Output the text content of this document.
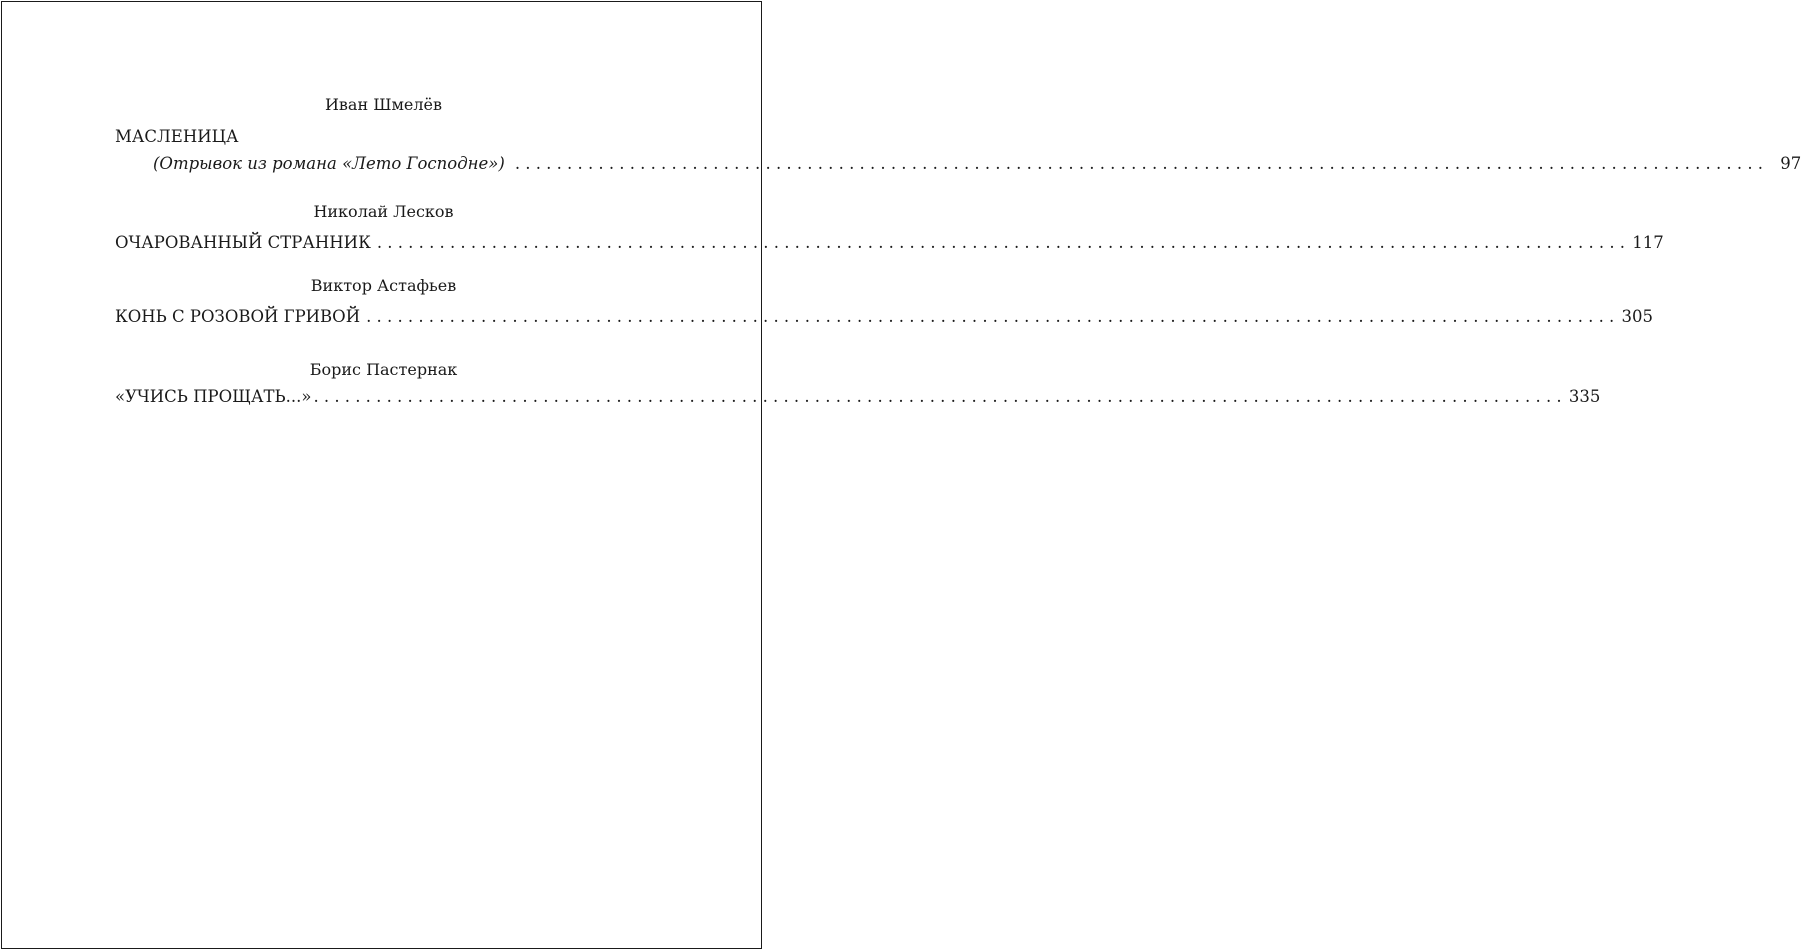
Иван Шмелёв
МАСЛЕНИЦА
(Отрывок из романа «Лето Господне») ........................................................................................................................ 97
Николай Лесков
ОЧАРОВАННЫЙ СТРАННИК ........................................................................................................................ 117
Виктор Астафьев
КОНЬ С РОЗОВОЙ ГРИВОЙ ........................................................................................................................ 305
Борис Пастернак
«УЧИСЬ ПРОЩАТЬ...» ........................................................................................................................ 335
